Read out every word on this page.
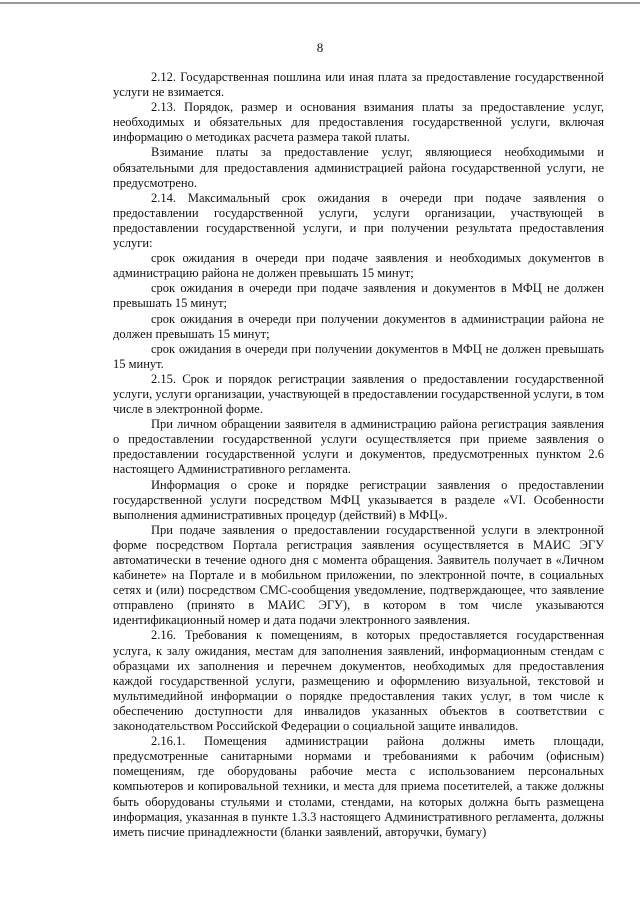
8

2.12. Государственная пошлина или иная плата за предоставление государственной услуги не взимается.

2.13. Порядок, размер и основания взимания платы за предоставление услуг, необходимых и обязательных для предоставления государственной услуги, включая информацию о методиках расчета размера такой платы.

Взимание платы за предоставление услуг, являющиеся необходимыми и обязательными для предоставления администрацией района государственной услуги, не предусмотрено.

2.14. Максимальный срок ожидания в очереди при подаче заявления о предоставлении государственной услуги, услуги организации, участвующей в предоставлении государственной услуги, и при получении результата предоставления услуги:

срок ожидания в очереди при подаче заявления и необходимых документов в администрацию района не должен превышать 15 минут;

срок ожидания в очереди при подаче заявления и документов в МФЦ не должен превышать 15 минут;

срок ожидания в очереди при получении документов в администрации района не должен превышать 15 минут;

срок ожидания в очереди при получении документов в МФЦ не должен превышать 15 минут.

2.15. Срок и порядок регистрации заявления о предоставлении государственной услуги, услуги организации, участвующей в предоставлении государственной услуги, в том числе в электронной форме.

При личном обращении заявителя в администрацию района регистрация заявления о предоставлении государственной услуги осуществляется при приеме заявления о предоставлении государственной услуги и документов, предусмотренных пунктом 2.6 настоящего Административного регламента.

Информация о сроке и порядке регистрации заявления о предоставлении государственной услуги посредством МФЦ указывается в разделе «VI. Особенности выполнения административных процедур (действий) в МФЦ».

При подаче заявления о предоставлении государственной услуги в электронной форме посредством Портала регистрация заявления осуществляется в МАИС ЭГУ автоматически в течение одного дня с момента обращения. Заявитель получает в «Личном кабинете» на Портале и в мобильном приложении, по электронной почте, в социальных сетях и (или) посредством СМС-сообщения уведомление, подтверждающее, что заявление отправлено (принято в МАИС ЭГУ), в котором в том числе указываются идентификационный номер и дата подачи электронного заявления.

2.16. Требования к помещениям, в которых предоставляется государственная услуга, к залу ожидания, местам для заполнения заявлений, информационным стендам с образцами их заполнения и перечнем документов, необходимых для предоставления каждой государственной услуги, размещению и оформлению визуальной, текстовой и мультимедийной информации о порядке предоставления таких услуг, в том числе к обеспечению доступности для инвалидов указанных объектов в соответствии с законодательством Российской Федерации о социальной защите инвалидов.

2.16.1. Помещения администрации района должны иметь площади, предусмотренные санитарными нормами и требованиями к рабочим (офисным) помещениям, где оборудованы рабочие места с использованием персональных компьютеров и копировальной техники, и места для приема посетителей, а также должны быть оборудованы стульями и столами, стендами, на которых должна быть размещена информация, указанная в пункте 1.3.3 настоящего Административного регламента, должны иметь писчие принадлежности (бланки заявлений, авторучки, бумагу)
